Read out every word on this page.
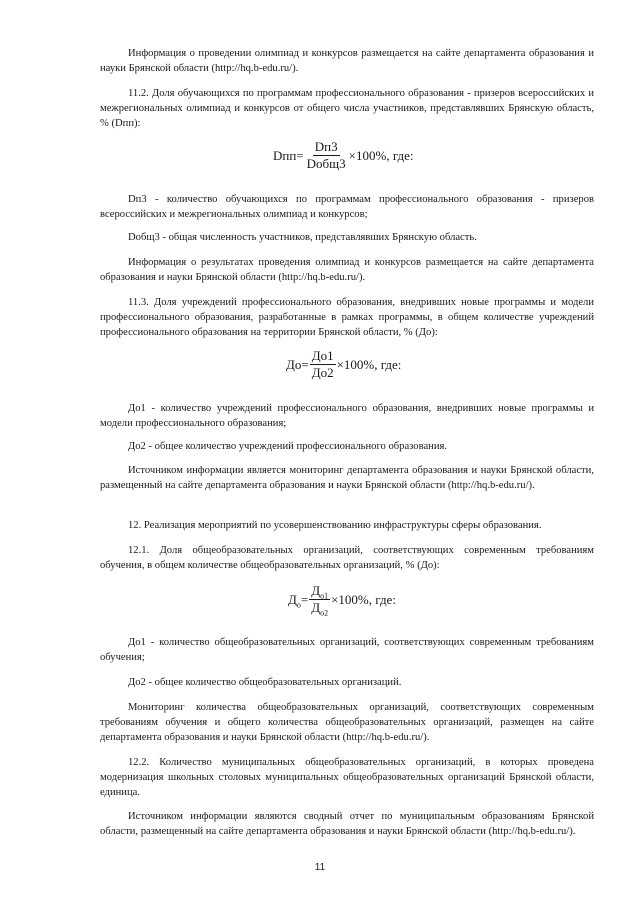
Информация о проведении олимпиад и конкурсов размещается на сайте департамента образования и науки Брянской области (http://hq.b-edu.ru/).

11.2. Доля обучающихся по программам профессионального образования - призеров всероссийских и межрегиональных олимпиад и конкурсов от общего числа участников, представлявших Брянскую область, % (Dпп):

$Dпп= \frac{Dп3}{\text{Dобщ3}} \times 100\%$, где:

Dп3 - количество обучающихся по программам профессионального образования - призеров всероссийских и межрегиональных олимпиад и конкурсов;

Dобщ3 - общая численность участников, представлявших Брянскую область.

Информация о результатах проведения олимпиад и конкурсов размещается на сайте департамента образования и науки Брянской области (http://hq.b-edu.ru/).

11.3. Доля учреждений профессионального образования, внедривших новые программы и модели профессионального образования, разработанные в рамках программы, в общем количестве учреждений профессионального образования на территории Брянской области, % (До):

$До= \frac{До1}{До2} \times 100\%$, где:

До1 - количество учреждений профессионального образования, внедривших новые программы и модели профессионального образования;

До2 - общее количество учреждений профессионального образования.

Источником информации является мониторинг департамента образования и науки Брянской области, размещенный на сайте департамента образования и науки Брянской области (http://hq.b-edu.ru/).

12. Реализация мероприятий по усовершенствованию инфраструктуры сферы образования.

12.1. Доля общеобразовательных организаций, соответствующих современным требованиям обучения, в общем количестве общеобразовательных организаций, % (До):

$Д_о = \frac{Д_{о1}}{Д_{о2}} \times 100\%$, где:

До1 - количество общеобразовательных организаций, соответствующих современным требованиям обучения;

До2 - общее количество общеобразовательных организаций.

Мониторинг количества общеобразовательных организаций, соответствующих современным требованиям обучения и общего количества общеобразовательных организаций, размещен на сайте департамента образования и науки Брянской области (http://hq.b-edu.ru/).

12.2. Количество муниципальных общеобразовательных организаций, в которых проведена модернизация школьных столовых муниципальных общеобразовательных организаций Брянской области, единица.

Источником информации являются сводный отчет по муниципальным образованиям Брянской области, размещенный на сайте департамента образования и науки Брянской области (http://hq.b-edu.ru/).

11
